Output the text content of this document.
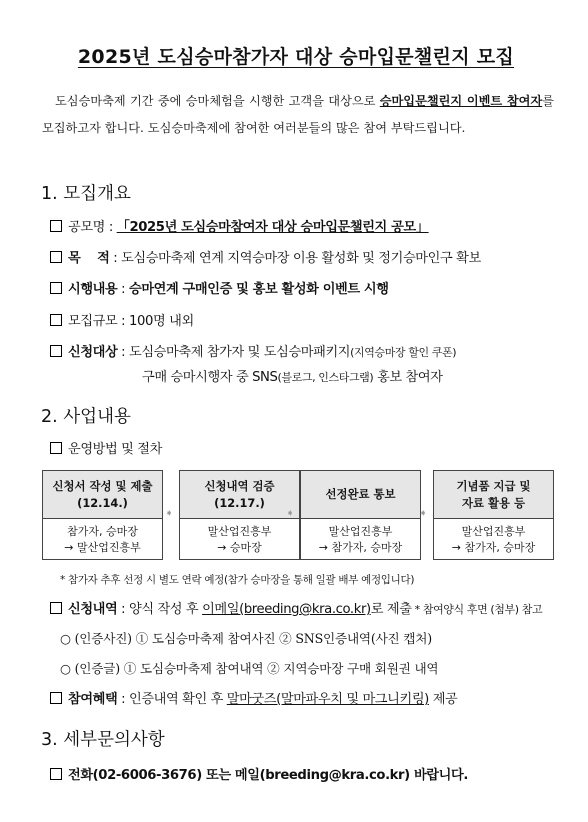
2025년 도심승마참가자 대상 승마입문챌린지 모집
도심승마축제 기간 중에 승마체험을 시행한 고객을 대상으로 승마입문챌린지 이벤트 참여자를 모집하고자 합니다. 도심승마축제에 참여한 여러분들의 많은 참여 부탁드립니다.
1. 모집개요
공모명 : 「2025년 도심승마참여자 대상 승마입문챌린지 공모」
목    적 : 도심승마축제 연계 지역승마장 이용 활성화 및 정기승마인구 확보
시행내용 : 승마연계 구매인증 및 홍보 활성화 이벤트 시행
모집규모 : 100명 내외
신청대상 : 도심승마축제 참가자 및 도심승마패키지(지역승마장 할인 쿠폰)
구매 승마시행자 중 SNS(블로그, 인스타그램) 홍보 참여자
2. 사업내용
운영방법 및 절차
신청서 작성 및 제출
(12.14.)
참가자, 승마장
→ 말산업진흥부
➧
신청내역 검증
(12.17.)
말산업진흥부
→ 승마장
➧
선정완료 통보
말산업진흥부
→ 참가자, 승마장
➧
기념품 지급 및
자료 활용 등
말산업진흥부
→ 참가자, 승마장
* 참가자 추후 선정 시 별도 연락 예정(참가 승마장을 통해 일괄 배부 예정입니다)
신청내역 : 양식 작성 후 이메일(breeding@kra.co.kr)로 제출 * 참여양식 후면 (첨부) 참고
○ (인증사진) ① 도심승마축제 참여사진 ② SNS인증내역(사진 캡처)
○ (인증글) ① 도심승마축제 참여내역 ② 지역승마장 구매 회원권 내역
참여혜택 : 인증내역 확인 후 말마굿즈(말마파우치 및 마그니키링) 제공
3. 세부문의사항
전화(02-6006-3676) 또는 메일(breeding@kra.co.kr) 바랍니다.
